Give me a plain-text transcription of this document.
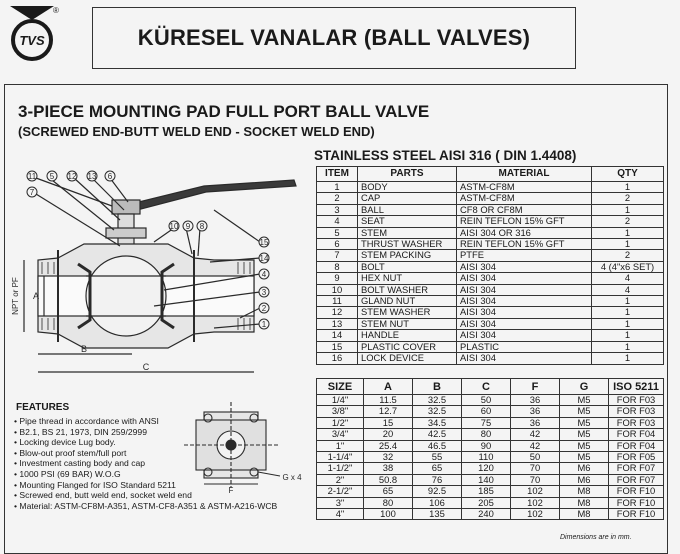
TVS
®
KÜRESEL VANALAR (BALL VALVES)
3-PIECE MOUNTING PAD FULL PORT BALL VALVE
(SCREWED END-BUTT WELD END - SOCKET WELD END)
STAINLESS STEEL AISI 316 ( DIN 1.4408)
11 5 12 13 6
10 9 8
15
14
4
3
2
1
7
NPT or PF A
B
C
ITEM	PARTS	MATERIAL	QTY
1	BODY	ASTM-CF8M	1
2	CAP	ASTM-CF8M	2
3	BALL	CF8 OR CF8M	1
4	SEAT	REIN TEFLON 15% GFT	2
5	STEM	AISI 304 OR 316	1
6	THRUST WASHER	REIN TEFLON 15% GFT	1
7	STEM PACKING	PTFE	2
8	BOLT	AISI 304	4 (4"x6 SET)
9	HEX NUT	AISI 304	4
10	BOLT WASHER	AISI 304	4
11	GLAND NUT	AISI 304	1
12	STEM WASHER	AISI 304	1
13	STEM NUT	AISI 304	1
14	HANDLE	AISI 304	1
15	PLASTIC COVER	PLASTIC	1
16	LOCK DEVICE	AISI 304	1
SIZE	A	B	C	F	G	ISO 5211
1/4"	11.5	32.5	50	36	M5	FOR F03
3/8"	12.7	32.5	60	36	M5	FOR F03
1/2"	15	34.5	75	36	M5	FOR F03
3/4"	20	42.5	80	42	M5	FOR F04
1"	25.4	46.5	90	42	M5	FOR F04
1-1/4"	32	55	110	50	M5	FOR F05
1-1/2"	38	65	120	70	M6	FOR F07
2"	50.8	76	140	70	M6	FOR F07
2-1/2"	65	92.5	185	102	M8	FOR F10
3"	80	106	205	102	M8	FOR F10
4"	100	135	240	102	M8	FOR F10
Dimensions are in mm.
FEATURES
• Pipe thread in accordance with ANSI
• B2.1, BS 21, 1973, DIN 259/2999
• Locking device Lug body.
• Blow-out proof stem/full port
• Investment casting body and cap
• 1000 PSI (69 BAR) W.O.G
• Mounting Flanged for ISO Standard 5211
• Screwed end, butt weld end, socket weld end
• Material: ASTM-CF8M-A351, ASTM-CF8-A351 & ASTM-A216-WCB
F
G x 4
